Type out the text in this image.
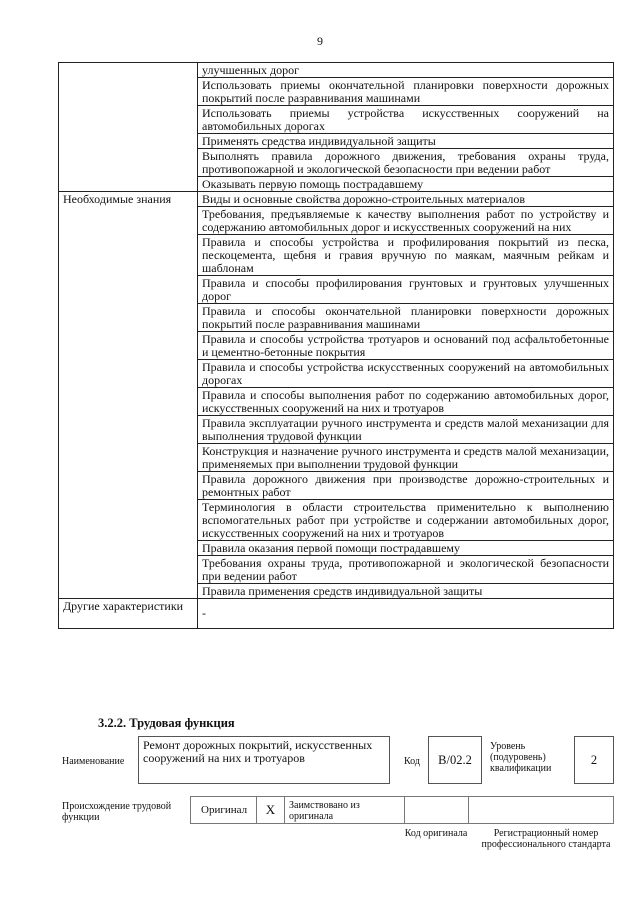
9
	улучшенных дорог
	Использовать приемы окончательной планировки поверхности дорожных покрытий после разравнивания машинами
	Использовать приемы устройства искусственных сооружений на автомобильных дорогах
	Применять средства индивидуальной защиты
	Выполнять правила дорожного движения, требования охраны труда, противопожарной и экологической безопасности при ведении работ
	Оказывать первую помощь пострадавшему
Необходимые знания	Виды и основные свойства дорожно-строительных материалов
	Требования, предъявляемые к качеству выполнения работ по устройству и содержанию автомобильных дорог и искусственных сооружений на них
	Правила и способы устройства и профилирования покрытий из песка, пескоцемента, щебня и гравия вручную по маякам, маячным рейкам и шаблонам
	Правила и способы профилирования грунтовых и грунтовых улучшенных дорог
	Правила и способы окончательной планировки поверхности дорожных покрытий после разравнивания машинами
	Правила и способы устройства тротуаров и оснований под асфальтобетонные и цементно-бетонные покрытия
	Правила и способы устройства искусственных сооружений на автомобильных дорогах
	Правила и способы выполнения работ по содержанию автомобильных дорог, искусственных сооружений на них и тротуаров
	Правила эксплуатации ручного инструмента и средств малой механизации для выполнения трудовой функции
	Конструкция и назначение ручного инструмента и средств малой механизации, применяемых при выполнении трудовой функции
	Правила дорожного движения при производстве дорожно-строительных и ремонтных работ
	Терминология в области строительства применительно к выполнению вспомогательных работ при устройстве и содержании автомобильных дорог, искусственных сооружений на них и тротуаров
	Правила оказания первой помощи пострадавшему
	Требования охраны труда, противопожарной и экологической безопасности при ведении работ
	Правила применения средств индивидуальной защиты
Другие характеристики	-
3.2.2. Трудовая функция
Наименование
Ремонт дорожных покрытий, искусственных сооружений на них и тротуаров	Код	B/02.2
Уровень (подуровень) квалификации
2
Происхождение трудовой функции
Оригинал	X	Заимствовано из оригинала
Код оригинала	Регистрационный номер профессионального стандарта
